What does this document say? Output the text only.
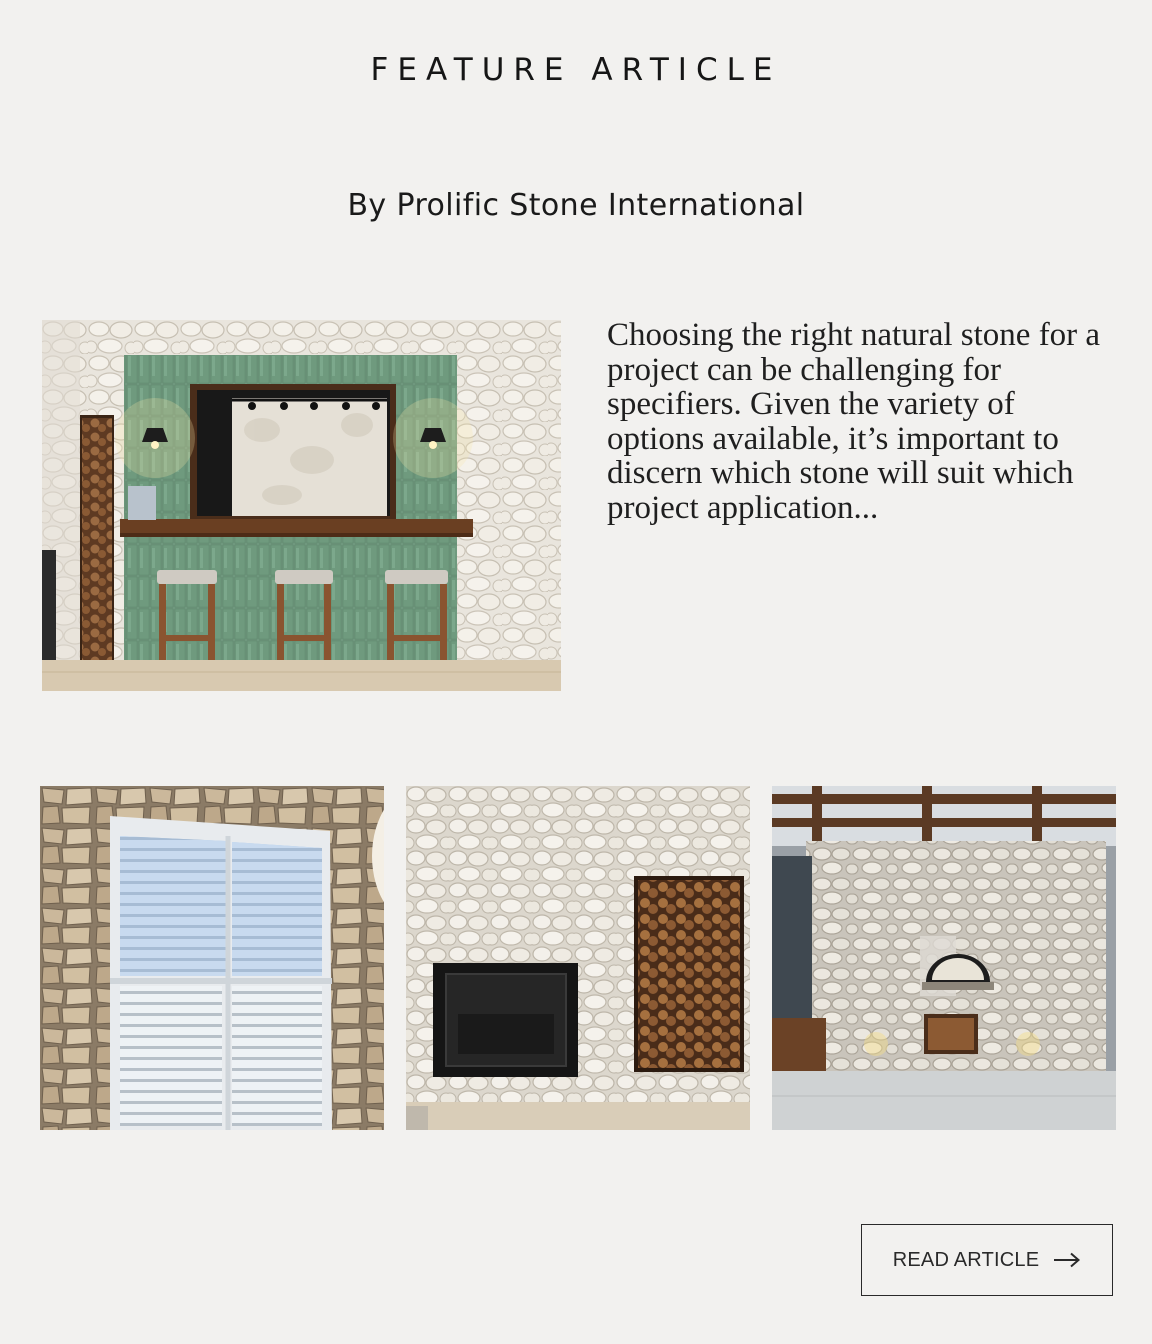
FEATURE ARTICLE
By Prolific Stone International

Choosing the right natural stone for a project can be challenging for specifiers. Given the variety of options available, it’s important to discern which stone will suit which project application...

READ ARTICLE
